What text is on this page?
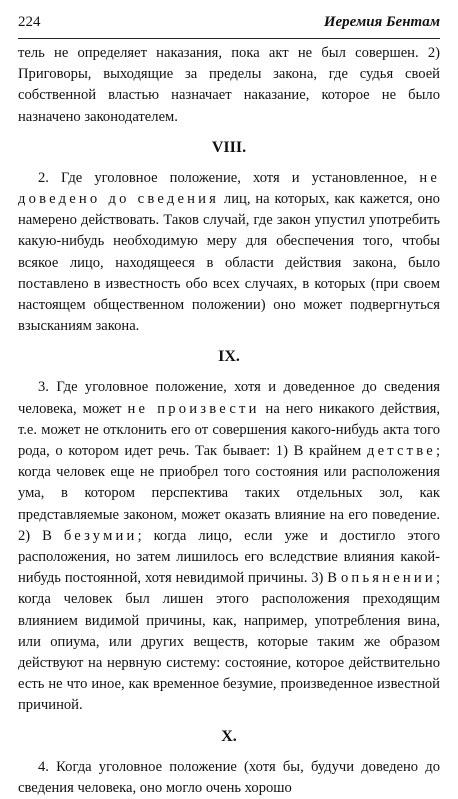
224	Иеремия Бентам

тель не определяет наказания, пока акт не был совершен. 2) Приговоры, выходящие за пределы закона, где судья своей собственной властью назначает наказание, которое не было назначено законодателем.

VIII.

2. Где уголовное положение, хотя и установленное, не доведено до сведения лиц, на которых, как кажется, оно намерено действовать. Таков случай, где закон упустил употребить какую-нибудь необходимую меру для обеспечения того, чтобы всякое лицо, находящееся в области действия закона, было поставлено в известность обо всех случаях, в которых (при своем настоящем общественном положении) оно может подвергнуться взысканиям закона.

IX.

3. Где уголовное положение, хотя и доведенное до сведения человека, может не произвести на него никакого действия, т.е. может не отклонить его от совершения какого-нибудь акта того рода, о котором идет речь. Так бывает: 1) В крайнем детстве; когда человек еще не приобрел того состояния или расположения ума, в котором перспектива таких отдельных зол, как представляемые законом, может оказать влияние на его поведение. 2) В безумии; когда лицо, если уже и достигло этого расположения, но затем лишилось его вследствие влияния какой-нибудь постоянной, хотя невидимой причины. 3) В опьянении; когда человек был лишен этого расположения преходящим влиянием видимой причины, как, например, употребления вина, или опиума, или других веществ, которые таким же образом действуют на нервную систему: состояние, которое действительно есть не что иное, как временное безумие, произведенное известной причиной.

X.

4. Когда уголовное положение (хотя бы, будучи доведено до сведения человека, оно могло очень хорошо
